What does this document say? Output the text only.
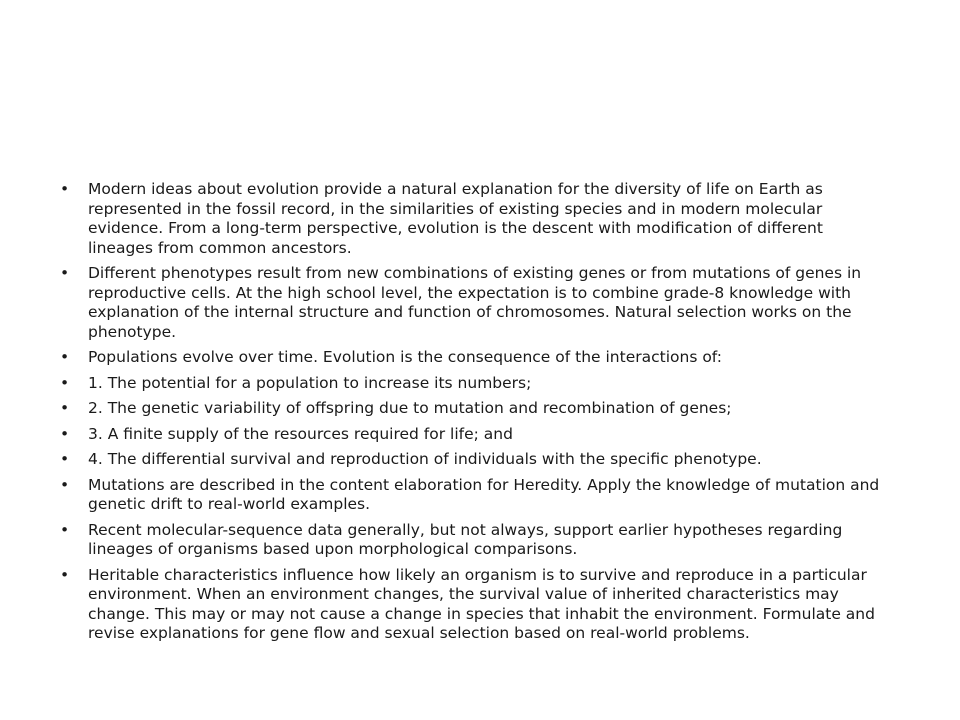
•	Modern ideas about evolution provide a natural explanation for the diversity of life on Earth as represented in the fossil record, in the similarities of existing species and in modern molecular evidence. From a long-term perspective, evolution is the descent with modification of different lineages from common ancestors.
•	Different phenotypes result from new combinations of existing genes or from mutations of genes in reproductive cells. At the high school level, the expectation is to combine grade-8 knowledge with explanation of the internal structure and function of chromosomes. Natural selection works on the phenotype.
•	Populations evolve over time. Evolution is the consequence of the interactions of:
•	1. The potential for a population to increase its numbers;
•	2. The genetic variability of offspring due to mutation and recombination of genes;
•	3. A finite supply of the resources required for life; and
•	4. The differential survival and reproduction of individuals with the specific phenotype.
•	Mutations are described in the content elaboration for Heredity. Apply the knowledge of mutation and genetic drift to real-world examples.
•	Recent molecular-sequence data generally, but not always, support earlier hypotheses regarding lineages of organisms based upon morphological comparisons.
•	Heritable characteristics influence how likely an organism is to survive and reproduce in a particular environment. When an environment changes, the survival value of inherited characteristics may change. This may or may not cause a change in species that inhabit the environment. Formulate and revise explanations for gene flow and sexual selection based on real-world problems.
